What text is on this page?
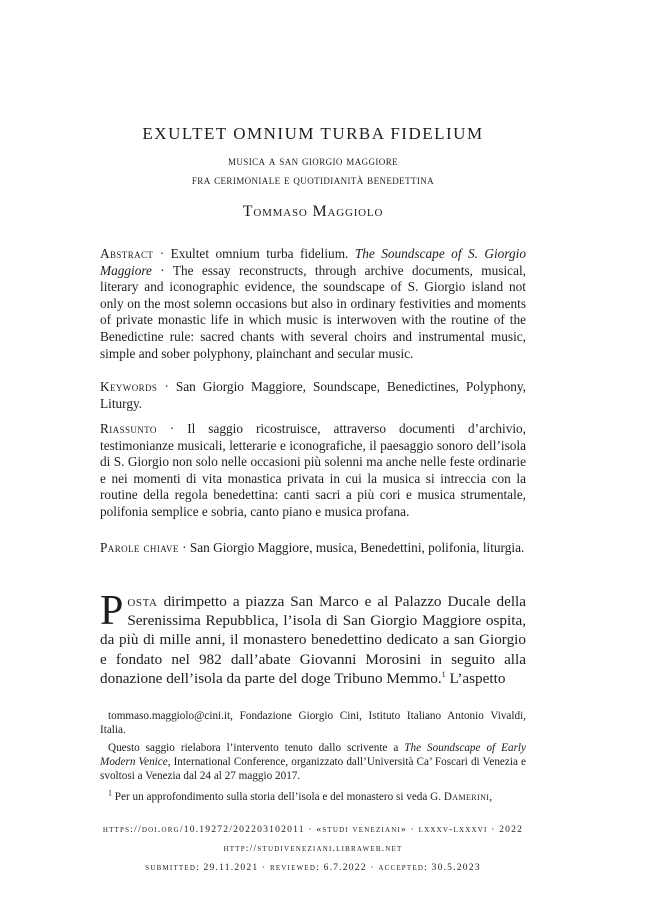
EXULTET OMNIUM TURBA FIDELIUM
musica a san giorgio maggiore
fra cerimoniale e quotidianità benedettina
Tommaso Maggiolo
Abstract · Exultet omnium turba fidelium. The Soundscape of S. Giorgio Maggiore · The essay reconstructs, through archive documents, musical, literary and iconographic evidence, the soundscape of S. Giorgio island not only on the most solemn occasions but also in ordinary festivities and moments of private monastic life in which music is interwoven with the routine of the Benedictine rule: sacred chants with several choirs and instrumental music, simple and sober polyphony, plainchant and secular music.
Keywords · San Giorgio Maggiore, Soundscape, Benedictines, Polyphony, Liturgy.
Riassunto · Il saggio ricostruisce, attraverso documenti d’archivio, testimonianze musicali, letterarie e iconografiche, il paesaggio sonoro dell’isola di S. Giorgio non solo nelle occasioni più solenni ma anche nelle feste ordinarie e nei momenti di vita monastica privata in cui la musica si intreccia con la routine della regola benedettina: canti sacri a più cori e musica strumentale, polifonia semplice e sobria, canto piano e musica profana.
Parole chiave · San Giorgio Maggiore, musica, Benedettini, polifonia, liturgia.
Posta dirimpetto a piazza San Marco e al Palazzo Ducale della Serenissima Repubblica, l’isola di San Giorgio Maggiore ospita, da più di mille anni, il monastero benedettino dedicato a san Giorgio e fondato nel 982 dall’abate Giovanni Morosini in seguito alla donazione dell’isola da parte del doge Tribuno Memmo.$^1$ L’aspetto
tommaso.maggiolo@cini.it, Fondazione Giorgio Cini, Istituto Italiano Antonio Vivaldi, Italia.
Questo saggio rielabora l’intervento tenuto dallo scrivente a The Soundscape of Early Modern Venice, International Conference, organizzato dall’Università Ca’ Foscari di Venezia e svoltosi a Venezia dal 24 al 27 maggio 2017.
$^1$ Per un approfondimento sulla storia dell’isola e del monastero si veda G. Damerini,
https://doi.org/10.19272/202203102011 · «studi veneziani» · lxxxv-lxxxvi · 2022
http://studiveneziani.libraweb.net
submitted: 29.11.2021 · reviewed: 6.7.2022 · accepted: 30.5.2023
